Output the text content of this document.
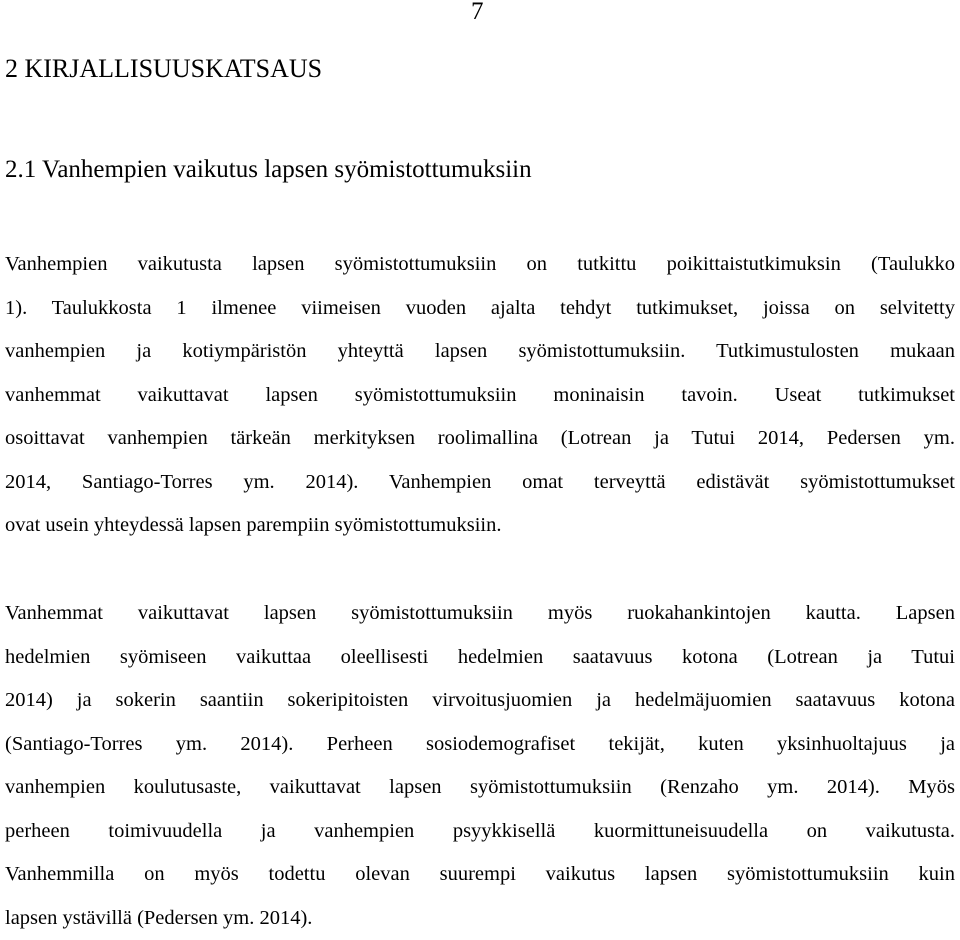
7
2 KIRJALLISUUSKATSAUS
2.1 Vanhempien vaikutus lapsen syömistottumuksiin
Vanhempien vaikutusta lapsen syömistottumuksiin on tutkittu poikittaistutkimuksin (Taulukko
1). Taulukkosta 1 ilmenee viimeisen vuoden ajalta tehdyt tutkimukset, joissa on selvitetty
vanhempien ja kotiympäristön yhteyttä lapsen syömistottumuksiin. Tutkimustulosten mukaan
vanhemmat vaikuttavat lapsen syömistottumuksiin moninaisin tavoin. Useat tutkimukset
osoittavat vanhempien tärkeän merkityksen roolimallina (Lotrean ja Tutui 2014, Pedersen ym.
2014, Santiago-Torres ym. 2014). Vanhempien omat terveyttä edistävät syömistottumukset
ovat usein yhteydessä lapsen parempiin syömistottumuksiin.
Vanhemmat vaikuttavat lapsen syömistottumuksiin myös ruokahankintojen kautta. Lapsen
hedelmien syömiseen vaikuttaa oleellisesti hedelmien saatavuus kotona (Lotrean ja Tutui
2014) ja sokerin saantiin sokeripitoisten virvoitusjuomien ja hedelmäjuomien saatavuus kotona
(Santiago-Torres ym. 2014). Perheen sosiodemografiset tekijät, kuten yksinhuoltajuus ja
vanhempien koulutusaste, vaikuttavat lapsen syömistottumuksiin (Renzaho ym. 2014). Myös
perheen toimivuudella ja vanhempien psyykkisellä kuormittuneisuudella on vaikutusta.
Vanhemmilla on myös todettu olevan suurempi vaikutus lapsen syömistottumuksiin kuin
lapsen ystävillä (Pedersen ym. 2014).
